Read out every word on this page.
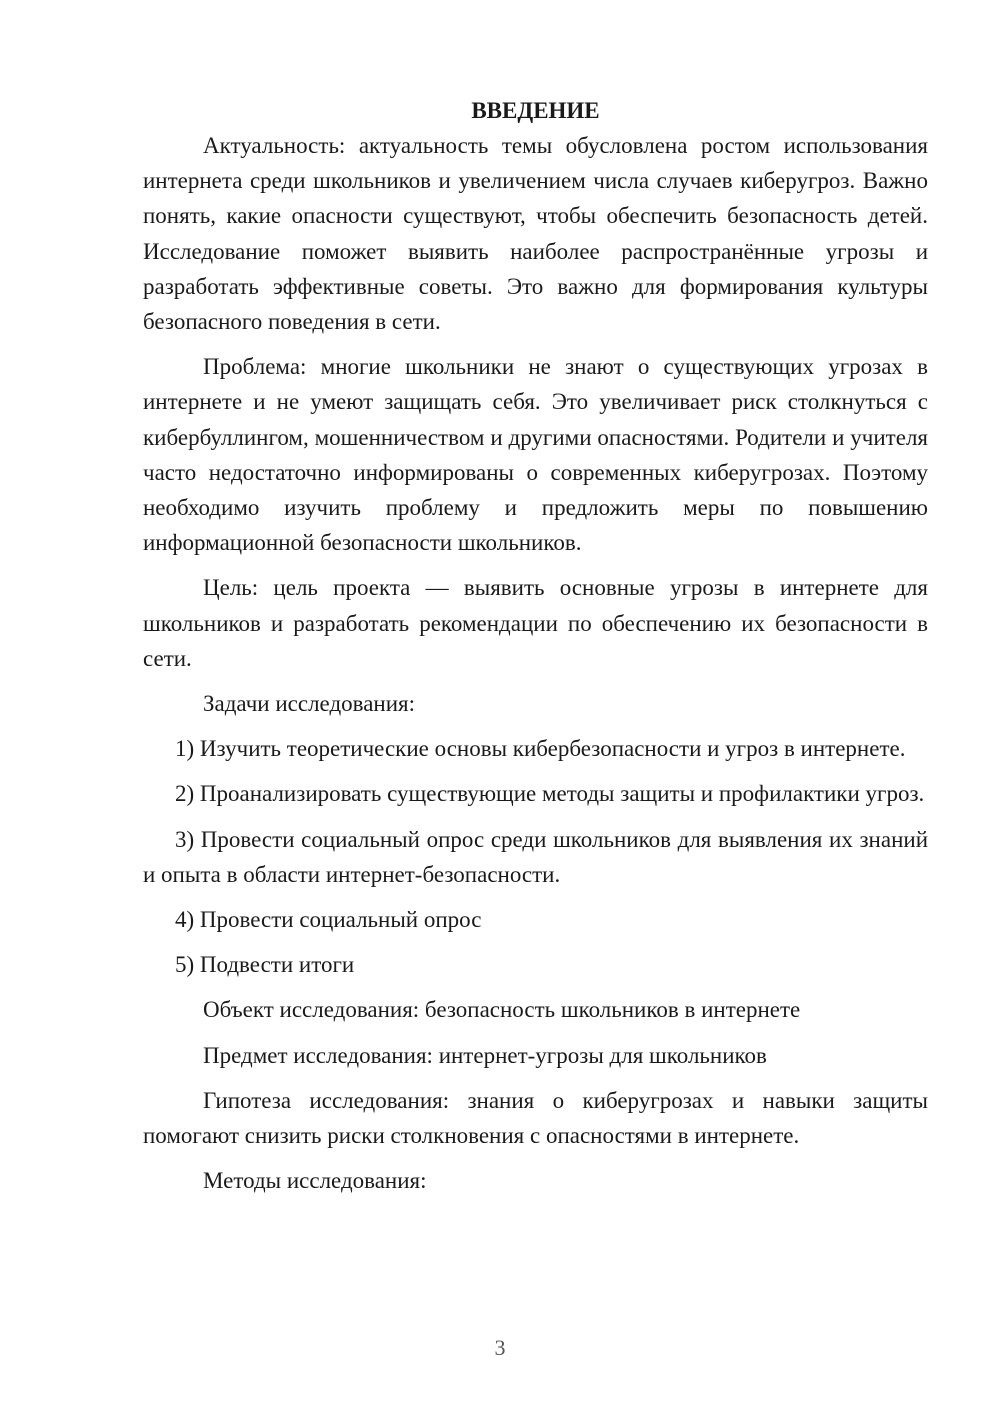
ВВЕДЕНИЕ

Актуальность: актуальность темы обусловлена ростом использования интернета среди школьников и увеличением числа случаев киберугроз. Важно понять, какие опасности существуют, чтобы обеспечить безопасность детей. Исследование поможет выявить наиболее распространённые угрозы и разработать эффективные советы. Это важно для формирования культуры безопасного поведения в сети.

Проблема: многие школьники не знают о существующих угрозах в интернете и не умеют защищать себя. Это увеличивает риск столкнуться с кибербуллингом, мошенничеством и другими опасностями. Родители и учителя часто недостаточно информированы о современных киберугрозах. Поэтому необходимо изучить проблему и предложить меры по повышению информационной безопасности школьников.

Цель: цель проекта — выявить основные угрозы в интернете для школьников и разработать рекомендации по обеспечению их безопасности в сети.

Задачи исследования:

1) Изучить теоретические основы кибербезопасности и угроз в интернете.

2) Проанализировать существующие методы защиты и профилактики угроз.

3) Провести социальный опрос среди школьников для выявления их знаний и опыта в области интернет-безопасности.

4) Провести социальный опрос

5) Подвести итоги

Объект исследования: безопасность школьников в интернете

Предмет исследования: интернет-угрозы для школьников

Гипотеза исследования: знания о киберугрозах и навыки защиты помогают снизить риски столкновения с опасностями в интернете.

Методы исследования:

3
